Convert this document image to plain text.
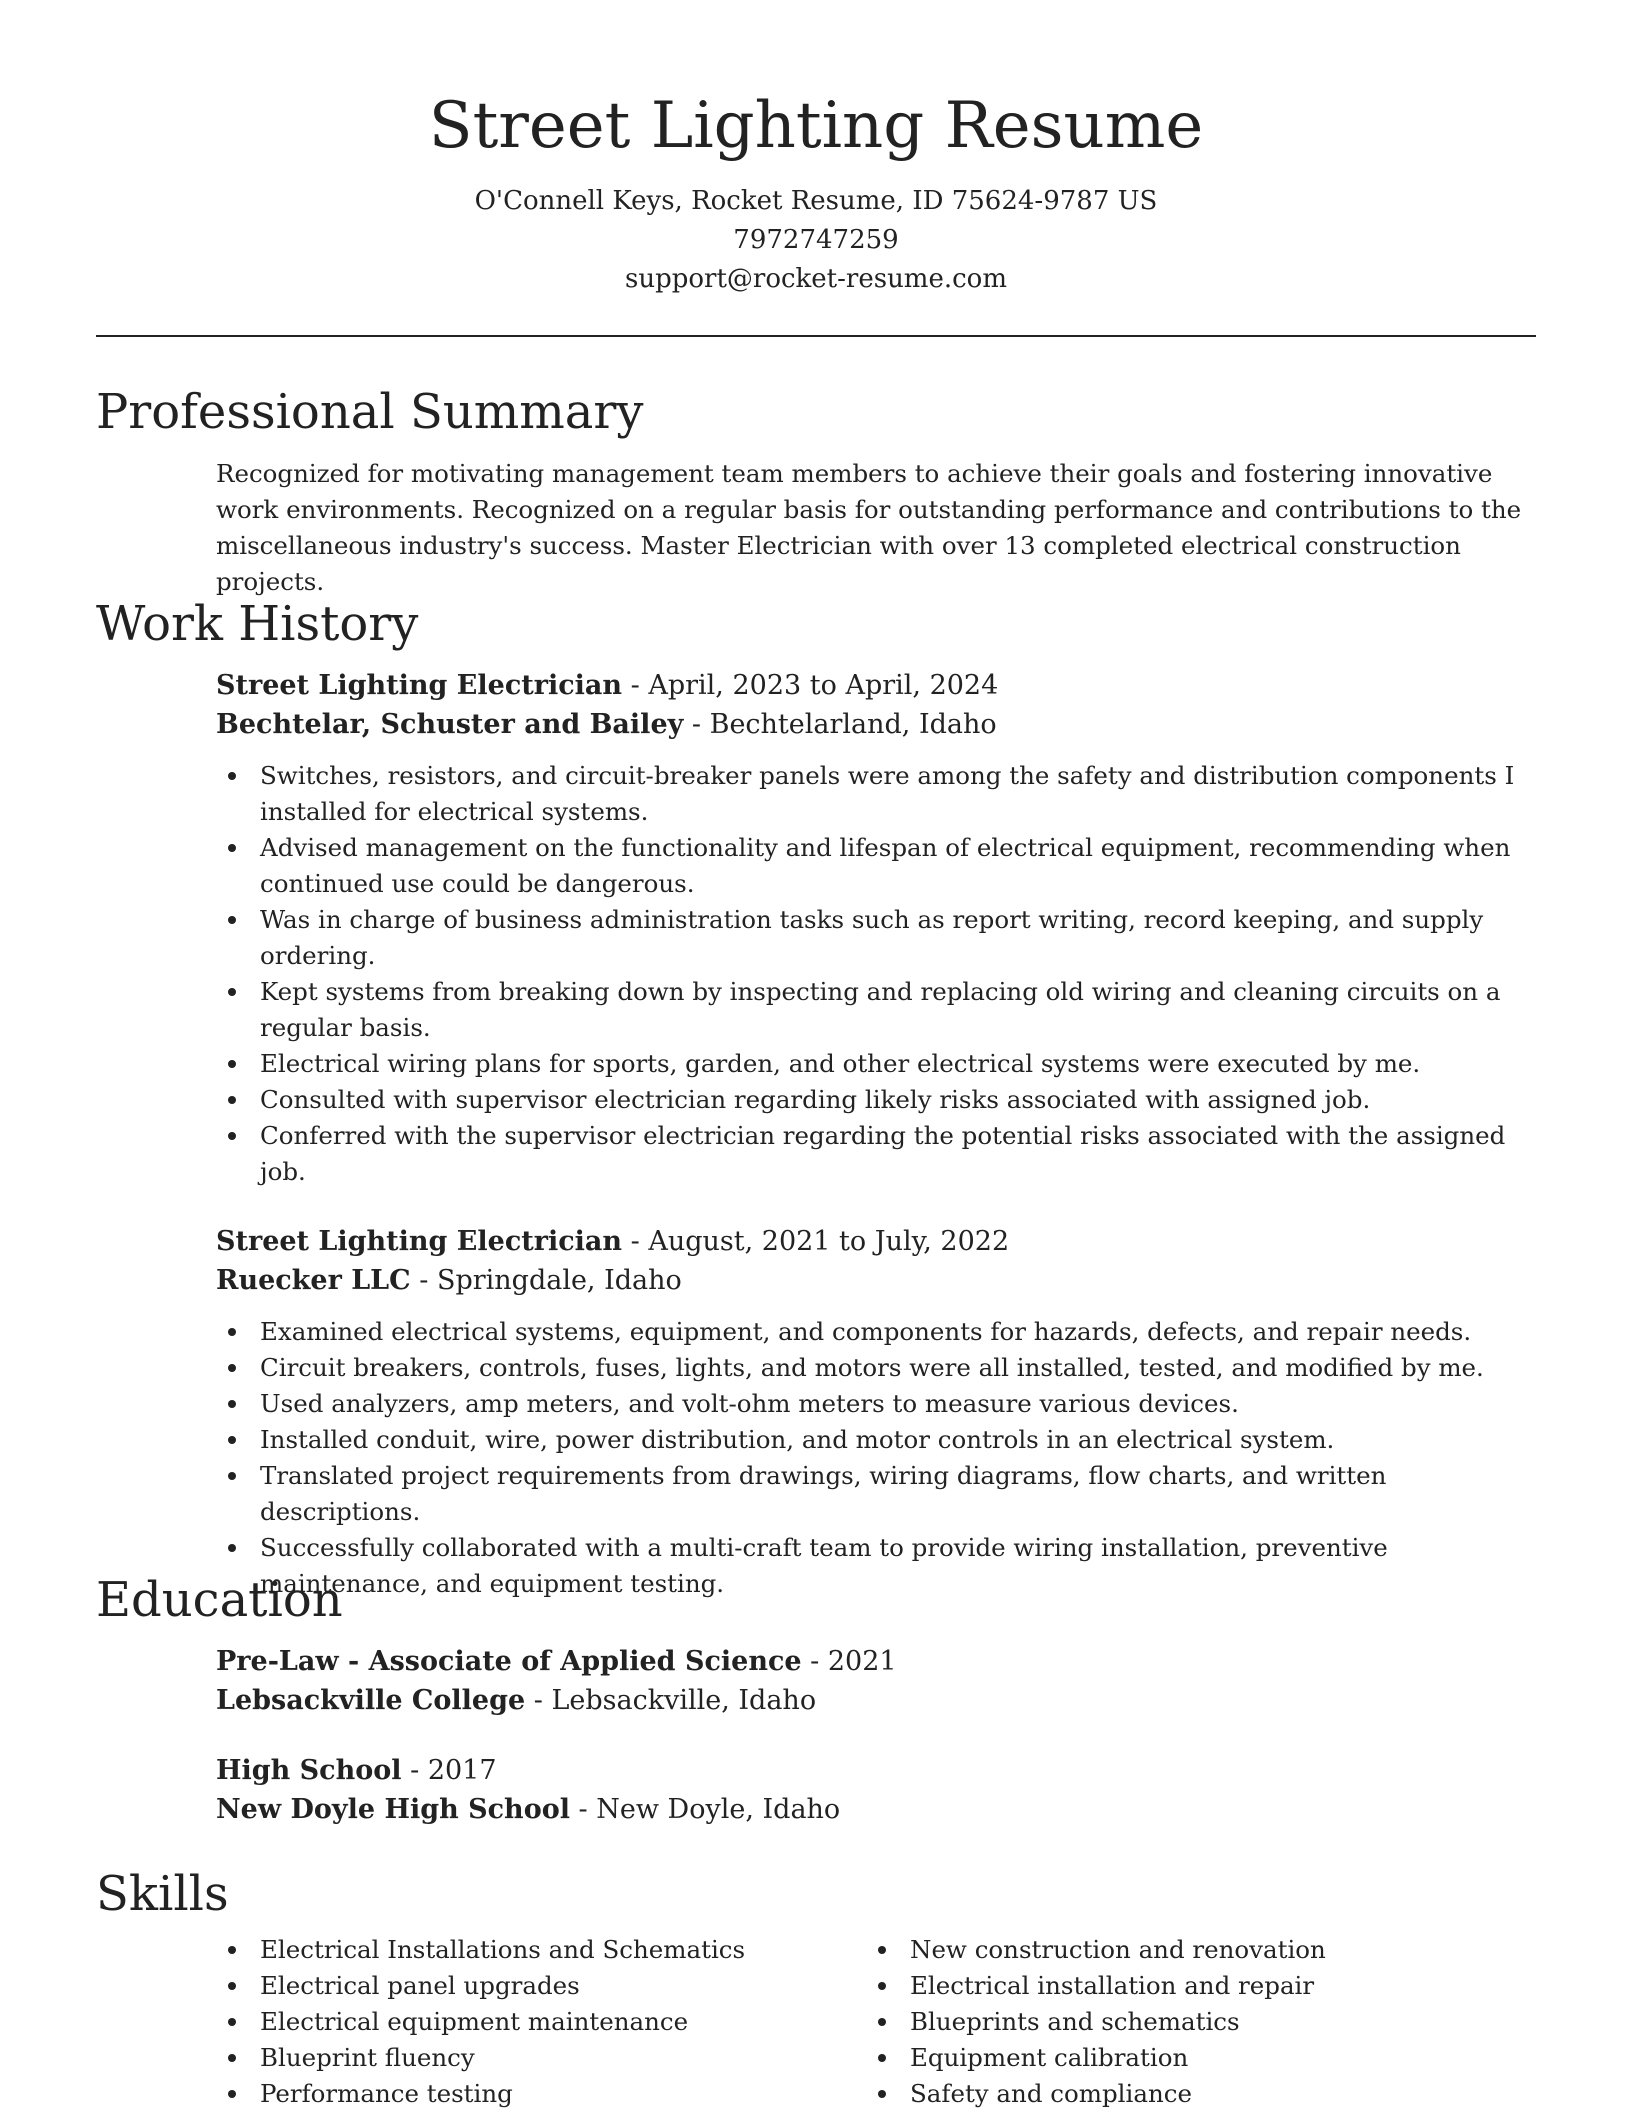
Street Lighting Resume
O'Connell Keys, Rocket Resume, ID 75624-9787 US
7972747259
support@rocket-resume.com
Professional Summary
Recognized for motivating management team members to achieve their goals and fostering innovative work environments. Recognized on a regular basis for outstanding performance and contributions to the miscellaneous industry's success. Master Electrician with over 13 completed electrical construction projects.
Work History
Street Lighting Electrician - April, 2023 to April, 2024
Bechtelar, Schuster and Bailey - Bechtelarland, Idaho
Switches, resistors, and circuit-breaker panels were among the safety and distribution components I installed for electrical systems.
Advised management on the functionality and lifespan of electrical equipment, recommending when continued use could be dangerous.
Was in charge of business administration tasks such as report writing, record keeping, and supply ordering.
Kept systems from breaking down by inspecting and replacing old wiring and cleaning circuits on a regular basis.
Electrical wiring plans for sports, garden, and other electrical systems were executed by me.
Consulted with supervisor electrician regarding likely risks associated with assigned job.
Conferred with the supervisor electrician regarding the potential risks associated with the assigned job.
Street Lighting Electrician - August, 2021 to July, 2022
Ruecker LLC - Springdale, Idaho
Examined electrical systems, equipment, and components for hazards, defects, and repair needs.
Circuit breakers, controls, fuses, lights, and motors were all installed, tested, and modified by me.
Used analyzers, amp meters, and volt-ohm meters to measure various devices.
Installed conduit, wire, power distribution, and motor controls in an electrical system.
Translated project requirements from drawings, wiring diagrams, flow charts, and written descriptions.
Successfully collaborated with a multi-craft team to provide wiring installation, preventive maintenance, and equipment testing.
Education
Pre-Law - Associate of Applied Science - 2021
Lebsackville College - Lebsackville, Idaho
High School - 2017
New Doyle High School - New Doyle, Idaho
Skills
Electrical Installations and Schematics
Electrical panel upgrades
Electrical equipment maintenance
Blueprint fluency
Performance testing
New construction and renovation
Electrical installation and repair
Blueprints and schematics
Equipment calibration
Safety and compliance
